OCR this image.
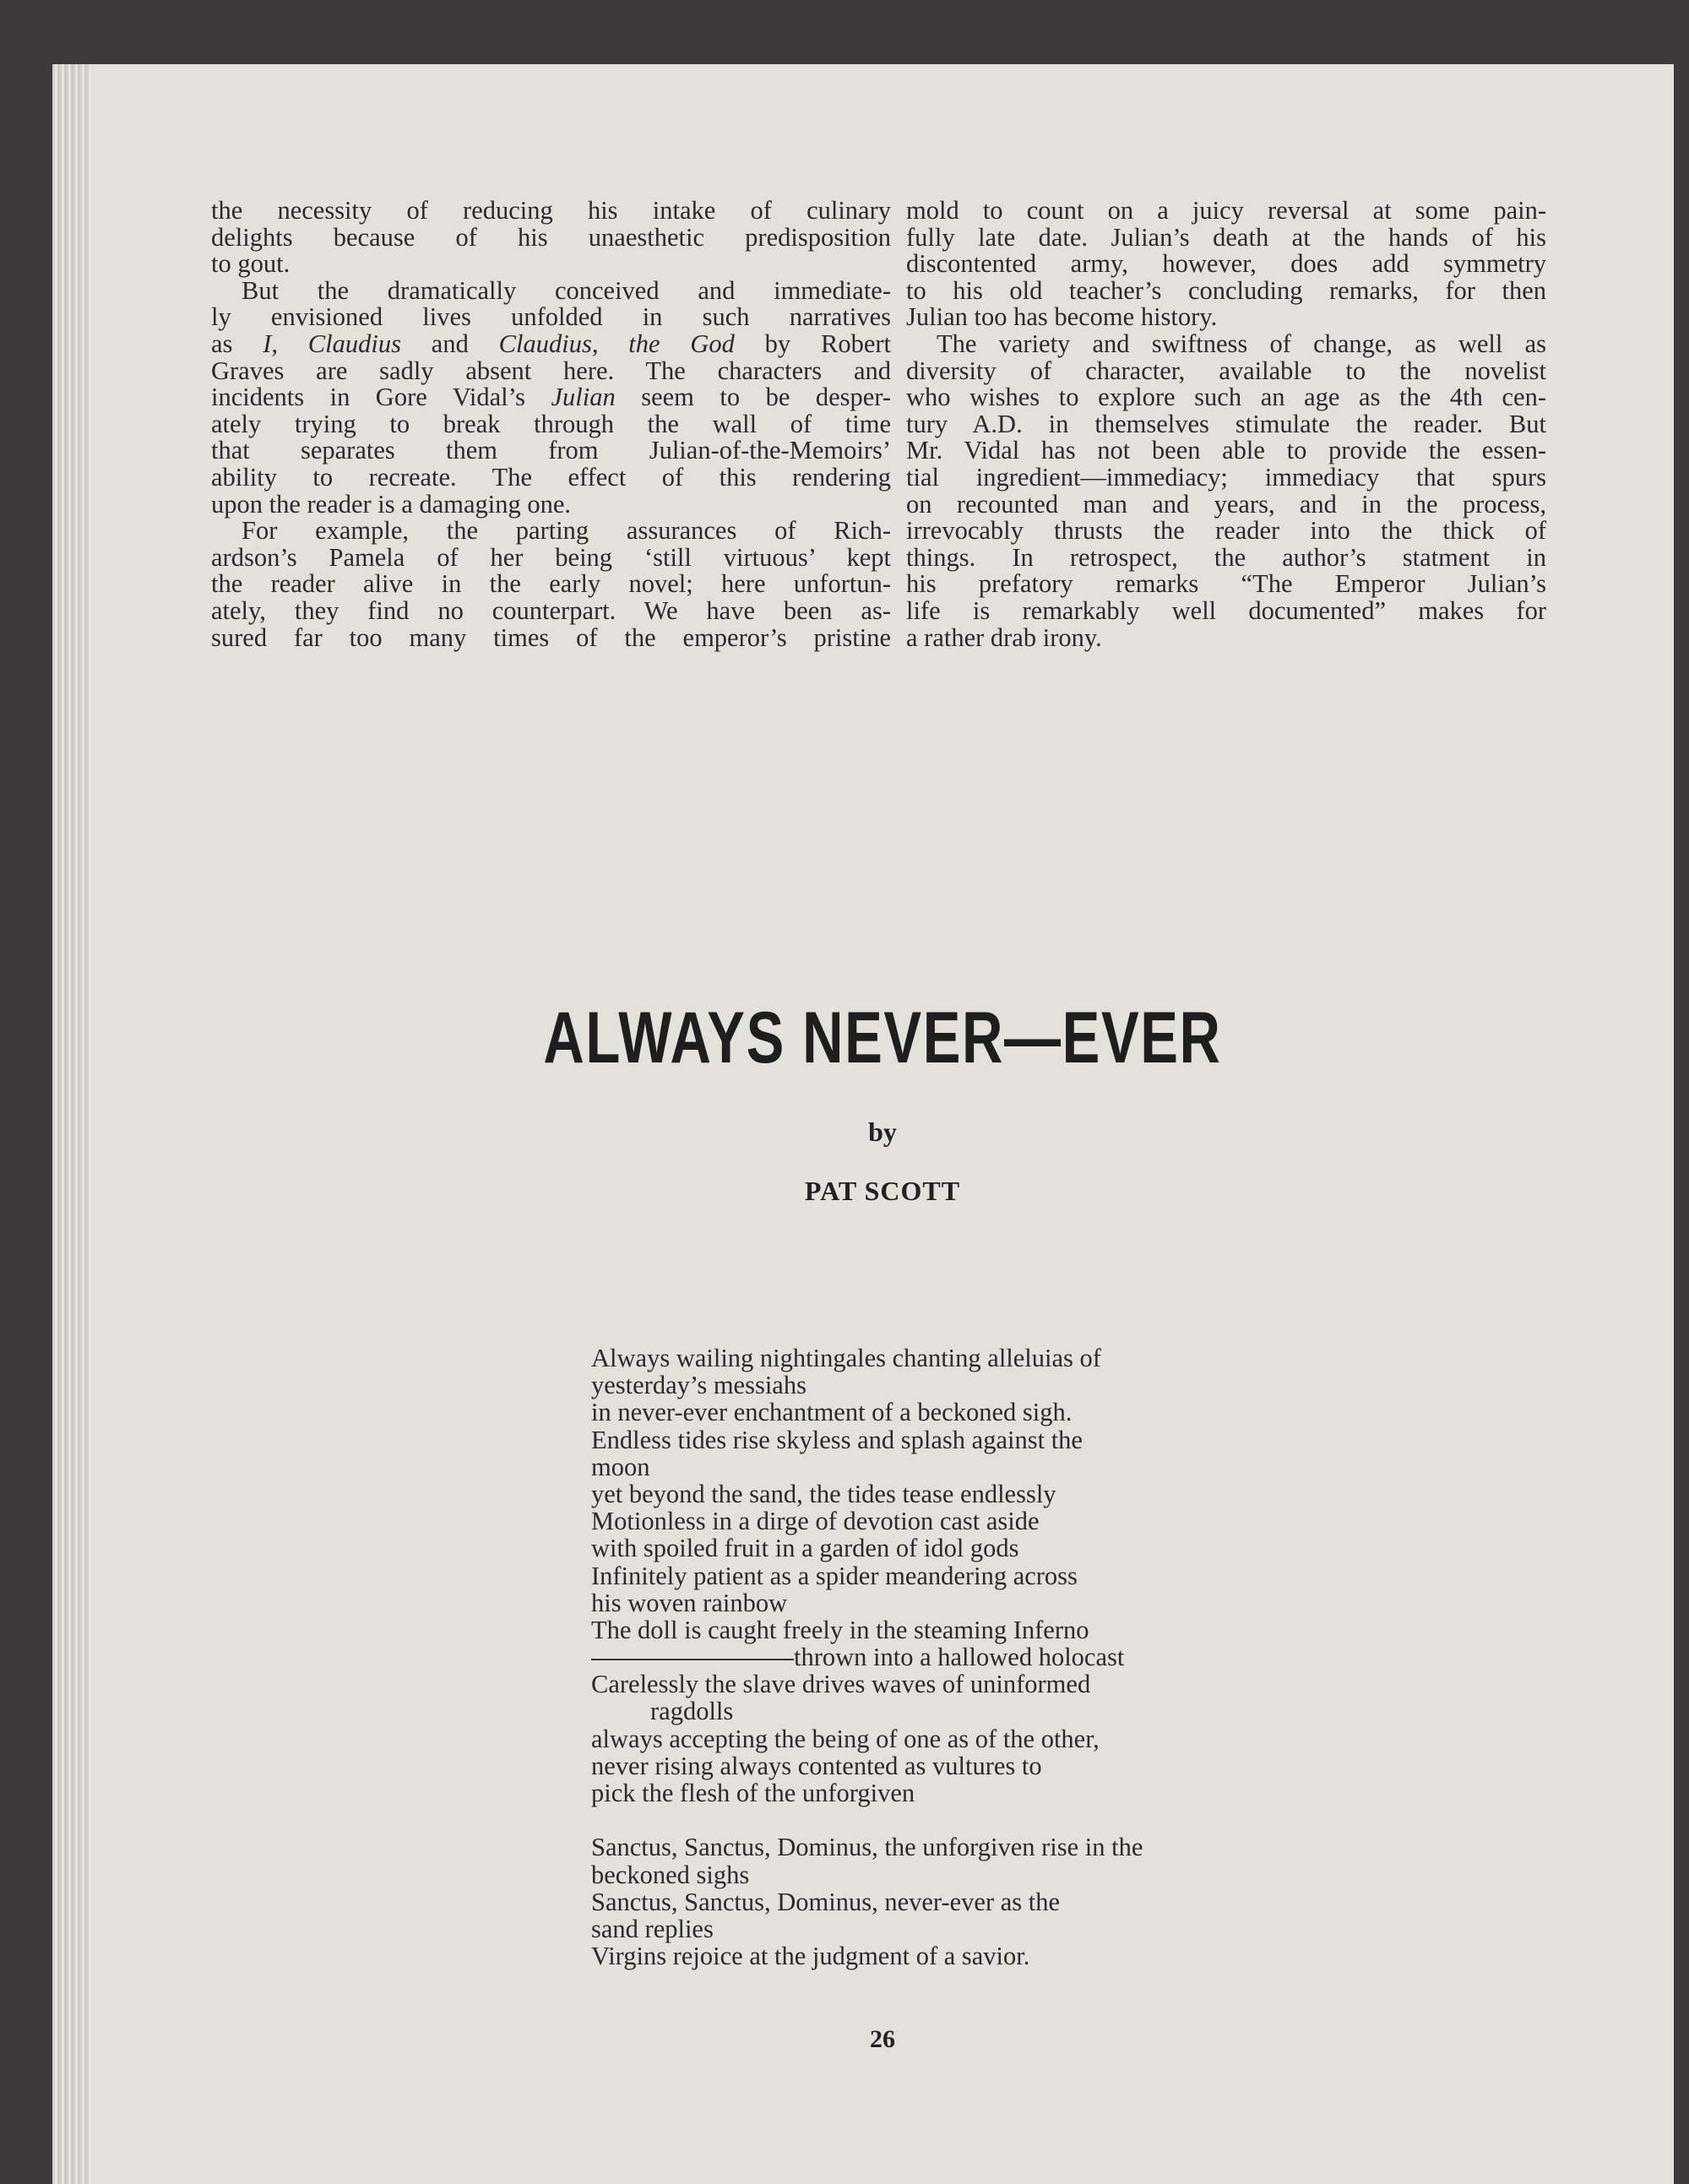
the necessity of reducing his intake of culinary
delights because of his unaesthetic predisposition
to gout.
But the dramatically conceived and immediate-
ly envisioned lives unfolded in such narratives
as I, Claudius and Claudius, the God by Robert
Graves are sadly absent here. The characters and
incidents in Gore Vidal’s Julian seem to be desper-
ately trying to break through the wall of time
that separates them from Julian-of-the-Memoirs’
ability to recreate. The effect of this rendering
upon the reader is a damaging one.
For example, the parting assurances of Rich-
ardson’s Pamela of her being ‘still virtuous’ kept
the reader alive in the early novel; here unfortun-
ately, they find no counterpart. We have been as-
sured far too many times of the emperor’s pristine
mold to count on a juicy reversal at some pain-
fully late date. Julian’s death at the hands of his
discontented army, however, does add symmetry
to his old teacher’s concluding remarks, for then
Julian too has become history.
The variety and swiftness of change, as well as
diversity of character, available to the novelist
who wishes to explore such an age as the 4th cen-
tury A.D. in themselves stimulate the reader. But
Mr. Vidal has not been able to provide the essen-
tial ingredient—immediacy; immediacy that spurs
on recounted man and years, and in the process,
irrevocably thrusts the reader into the thick of
things. In retrospect, the author’s statment in
his prefatory remarks “The Emperor Julian’s
life is remarkably well documented” makes for
a rather drab irony.
ALWAYS NEVER—EVER
by
PAT SCOTT
Always wailing nightingales chanting alleluias of
yesterday’s messiahs
in never-ever enchantment of a beckoned sigh.
Endless tides rise skyless and splash against the
moon
yet beyond the sand, the tides tease endlessly
Motionless in a dirge of devotion cast aside
with spoiled fruit in a garden of idol gods
Infinitely patient as a spider meandering across
his woven rainbow
The doll is caught freely in the steaming Inferno
thrown into a hallowed holocast
Carelessly the slave drives waves of uninformed
ragdolls
always accepting the being of one as of the other,
never rising always contented as vultures to
pick the flesh of the unforgiven
Sanctus, Sanctus, Dominus, the unforgiven rise in the
beckoned sighs
Sanctus, Sanctus, Dominus, never-ever as the
sand replies
Virgins rejoice at the judgment of a savior.
26
